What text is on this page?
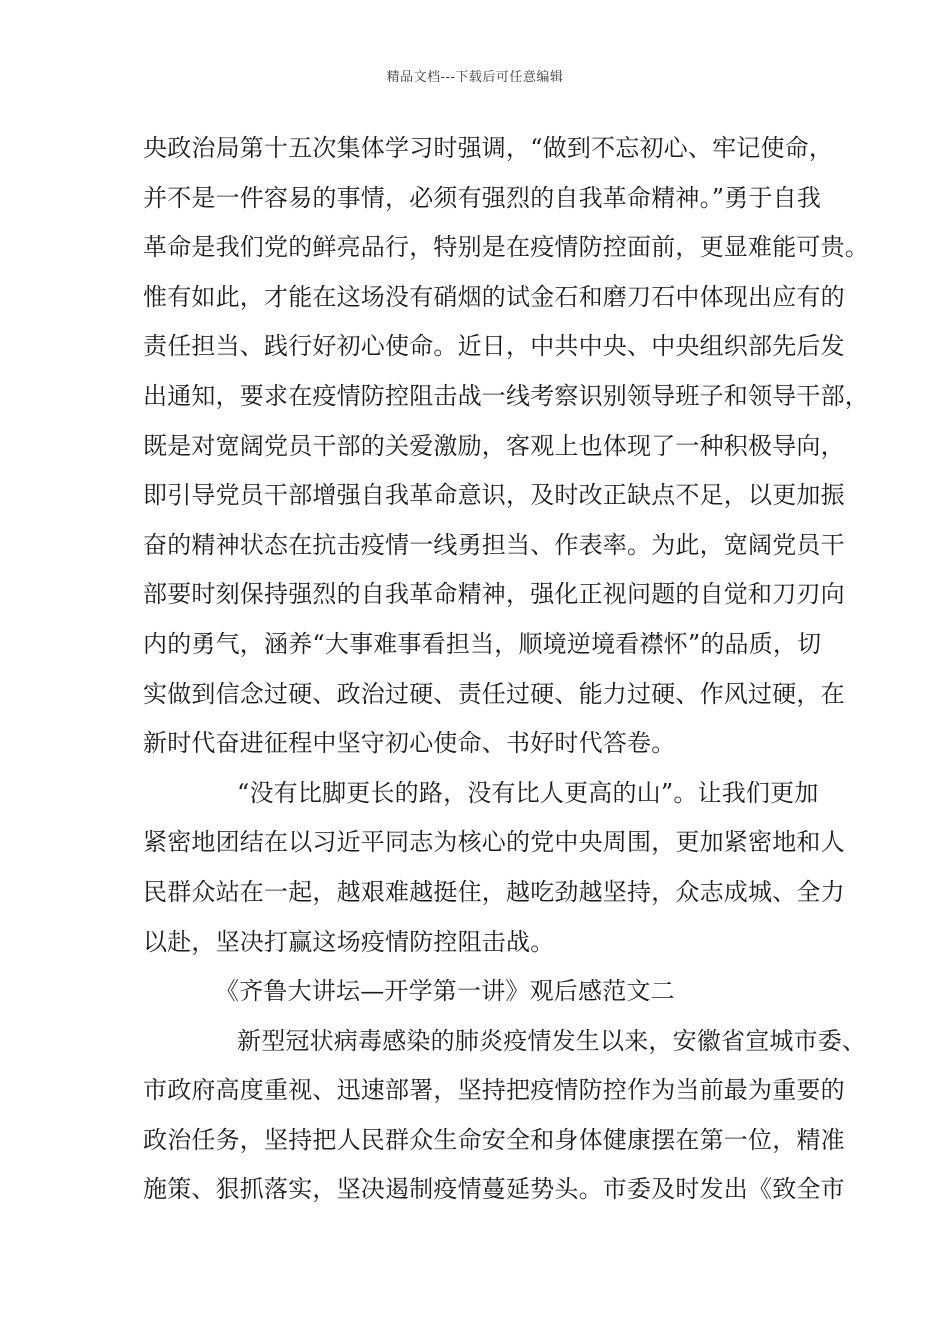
精品文档---下载后可任意编辑
央政治局第十五次集体学习时强调，“做到不忘初心、牢记使命，
并不是一件容易的事情，必须有强烈的自我革命精神。”勇于自我
革命是我们党的鲜亮品行，特别是在疫情防控面前，更显难能可贵。
惟有如此，才能在这场没有硝烟的试金石和磨刀石中体现出应有的
责任担当、践行好初心使命。近日，中共中央、中央组织部先后发
出通知，要求在疫情防控阻击战一线考察识别领导班子和领导干部，
既是对宽阔党员干部的关爱激励，客观上也体现了一种积极导向，
即引导党员干部增强自我革命意识，及时改正缺点不足，以更加振
奋的精神状态在抗击疫情一线勇担当、作表率。为此，宽阔党员干
部要时刻保持强烈的自我革命精神，强化正视问题的自觉和刀刃向
内的勇气，涵养“大事难事看担当，顺境逆境看襟怀”的品质，切
实做到信念过硬、政治过硬、责任过硬、能力过硬、作风过硬，在
新时代奋进征程中坚守初心使命、书好时代答卷。
“没有比脚更长的路，没有比人更高的山”。让我们更加
紧密地团结在以习近平同志为核心的党中央周围，更加紧密地和人
民群众站在一起，越艰难越挺住，越吃劲越坚持，众志成城、全力
以赴，坚决打赢这场疫情防控阻击战。
《齐鲁大讲坛—开学第一讲》观后感范文二
新型冠状病毒感染的肺炎疫情发生以来，安徽省宣城市委、
市政府高度重视、迅速部署，坚持把疫情防控作为当前最为重要的
政治任务，坚持把人民群众生命安全和身体健康摆在第一位，精准
施策、狠抓落实，坚决遏制疫情蔓延势头。市委及时发出《致全市
